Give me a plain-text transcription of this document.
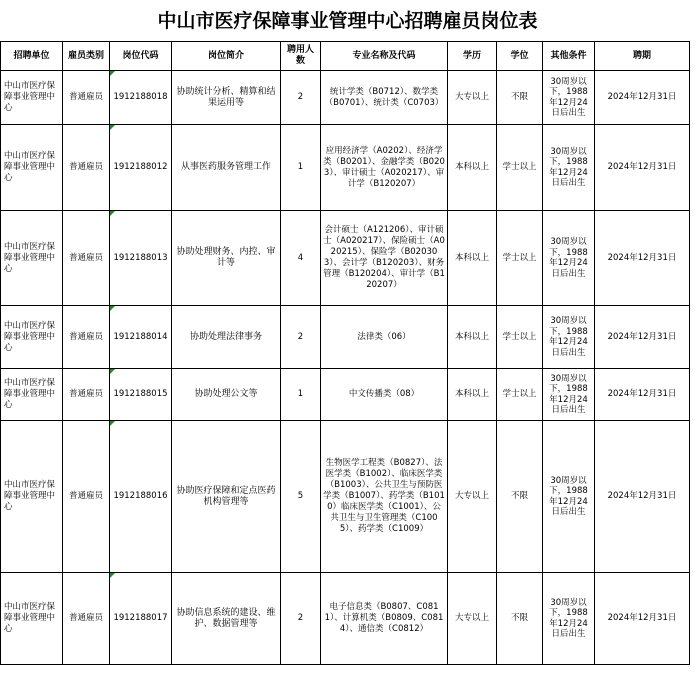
中山市医疗保障事业管理中心招聘雇员岗位表
招聘单位	雇员类别	岗位代码	岗位简介	聘用人数	专业名称及代码	学历	学位	其他条件	聘期
中山市医疗保障事业管理中心	普通雇员	1912188018	协助统计分析、精算和结果运用等	2	统计学类（B0712）、数学类（B0701）、统计类（C0703）	大专以上	不限	30周岁以下，1988年12月24日后出生	2024年12月31日
中山市医疗保障事业管理中心	普通雇员	1912188012	从事医药服务管理工作	1	应用经济学（A0202）、经济学类（B0201）、金融学类（B0203）、审计硕士（A020217）、审计学（B120207）	本科以上	学士以上	30周岁以下，1988年12月24日后出生	2024年12月31日
中山市医疗保障事业管理中心	普通雇员	1912188013	协助处理财务、内控、审计等	4	会计硕士（A121206）、审计硕士（A020217）、保险硕士（A020215）、保险学（B020303）、会计学（B120203）、财务管理（B120204）、审计学（B120207）	本科以上	学士以上	30周岁以下，1988年12月24日后出生	2024年12月31日
中山市医疗保障事业管理中心	普通雇员	1912188014	协助处理法律事务	2	法律类（06）	本科以上	学士以上	30周岁以下，1988年12月24日后出生	2024年12月31日
中山市医疗保障事业管理中心	普通雇员	1912188015	协助处理公文等	1	中文传播类（08）	本科以上	学士以上	30周岁以下，1988年12月24日后出生	2024年12月31日
中山市医疗保障事业管理中心	普通雇员	1912188016	协助医疗保障和定点医药机构管理等	5	生物医学工程类（B0827）、法医学类（B1002）、临床医学类（B1003）、公共卫生与预防医学类（B1007）、药学类（B1010）临床医学类（C1001）、公共卫生与卫生管理类（C1005）、药学类（C1009）	大专以上	不限	30周岁以下，1988年12月24日后出生	2024年12月31日
中山市医疗保障事业管理中心	普通雇员	1912188017	协助信息系统的建设、维护、数据管理等	2	电子信息类（B0807、C0811）、计算机类（B0809、C0814）、通信类（C0812）	大专以上	不限	30周岁以下，1988年12月24日后出生	2024年12月31日
